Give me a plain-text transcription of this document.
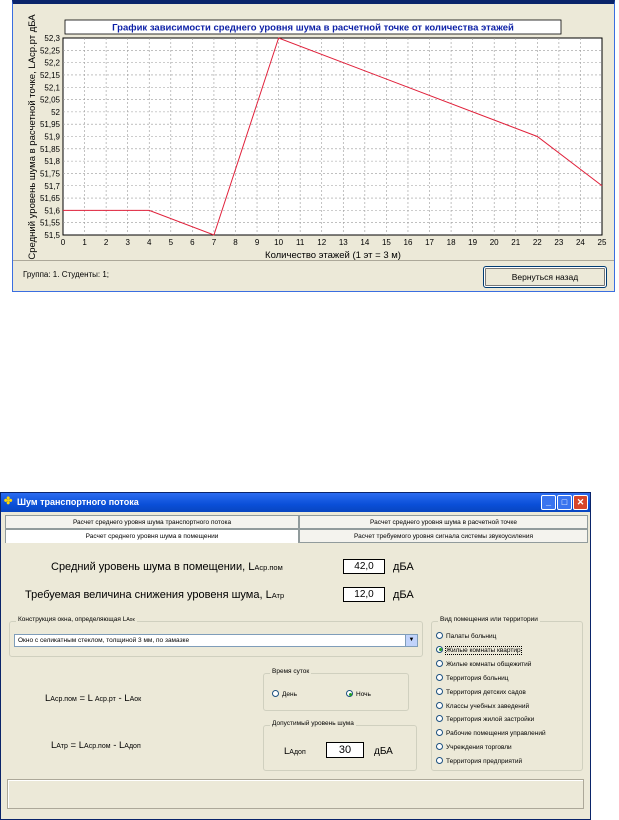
51,5
51,55
51,6
51,65
51,7
51,75
51,8
51,85
51,9
51,95
52
52,05
52,1
52,15
52,2
52,25
52,3
0 1 2 3 4 5 6 7 8 9 10 11 12 13 14 15 16 17 18 19 20 21 22 23 24 25
График зависимости среднего уровня шума в расчетной точке от количества этажей
Количество этажей (1 эт = 3 м)
Средний уровень шума в расчетной точке, LАср.рт дБА
Группа: 1. Студенты: 1;	Вернуться назад
✤ Шум транспортного потока	_	□	✕
Расчет среднего уровня шума транспортного потока	Расчет среднего уровня шума в расчетной точке
Расчет среднего уровня шума в помещении	Расчет требуемого уровня сигнала системы звукоусиления
Средний уровень шума в помещении, LАср.пом	42,0	дБА
Требуемая величина снижения уровеня шума, LАтр	12,0	дБА
Конструкция окна, определяющая LАок
Окно с селикатным стеклом, толщиной 3 мм, по замазке	▼
LАср.пом = L Аср.рт - LАок
LАтр = LАср.пом - LАдоп
Время суток
День	Ночь
Допустимый уровень шума
LАдоп	30	дБА
Вид помещения или территории
Палаты больниц
Жилые комнаты квартир
Жилые комнаты общежитий
Территория больниц
Территория детских садов
Классы учебных заведений
Территория жилой застройки
Рабочие помещения управлений
Учреждения торговли
Территория предприятий
